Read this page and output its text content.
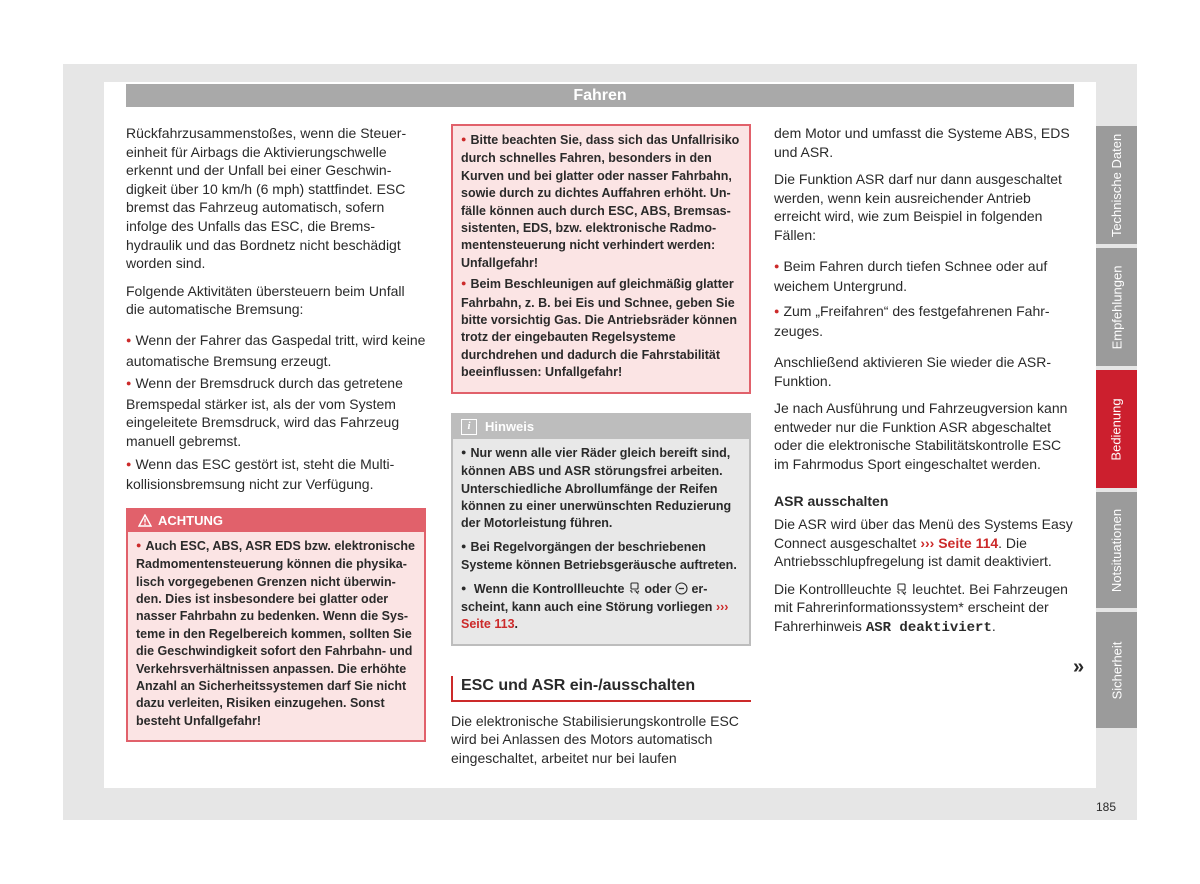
Fahren

Rückfahrzusammenstoßes, wenn die Steuereinheit für Airbags die Aktivierungschwelle erkennt und der Unfall bei einer Geschwindigkeit über 10 km/h (6 mph) stattfindet. ESC bremst das Fahrzeug automatisch, sofern infolge des Unfalls das ESC, die Bremshydraulik und das Bordnetz nicht beschädigt worden sind.

Folgende Aktivitäten übersteuern beim Unfall die automatische Bremsung:

● Wenn der Fahrer das Gaspedal tritt, wird keine automatische Bremsung erzeugt.
● Wenn der Bremsdruck durch das getretene Bremspedal stärker ist, als der vom System eingeleitete Bremsdruck, wird das Fahrzeug manuell gebremst.
● Wenn das ESC gestört ist, steht die Multikollisionsbremsung nicht zur Verfügung.
ACHTUNG
● Auch ESC, ABS, ASR EDS bzw. elektronische Radmomentensteuerung können die physikalisch vorgegebenen Grenzen nicht überwinden. Dies ist insbesondere bei glatter oder nasser Fahrbahn zu bedenken. Wenn die Systeme in den Regelbereich kommen, sollten Sie die Geschwindigkeit sofort den Fahrbahn- und Verkehrsverhältnissen anpassen. Die erhöhte Anzahl an Sicherheitssystemen darf Sie nicht dazu verleiten, Risiken einzugehen. Sonst besteht Unfallgefahr!
● Bitte beachten Sie, dass sich das Unfallrisiko durch schnelles Fahren, besonders in den Kurven und bei glatter oder nasser Fahrbahn, sowie durch zu dichtes Auffahren erhöht. Unfälle können auch durch ESC, ABS, Bremsassistenten, EDS, bzw. elektronische Radmomentensteuerung nicht verhindert werden: Unfallgefahr!
● Beim Beschleunigen auf gleichmäßig glatter Fahrbahn, z. B. bei Eis und Schnee, geben Sie bitte vorsichtig Gas. Die Antriebsräder können trotz der eingebauten Regelsysteme durchdrehen und dadurch die Fahrstabilität beeinflussen: Unfallgefahr!
i	Hinweis
● Nur wenn alle vier Räder gleich bereift sind, können ABS und ASR störungsfrei arbeiten. Unterschiedliche Abrollumfänge der Reifen können zu einer unerwünschten Reduzierung der Motorleistung führen.
● Bei Regelvorgängen der beschriebenen Systeme können Betriebsgeräusche auftreten.
● Wenn die Kontrollleuchte oder erscheint, kann auch eine Störung vorliegen ››› Seite 113.
ESC und ASR ein-/ausschalten

Die elektronische Stabilisierungskontrolle ESC wird bei Anlassen des Motors automatisch eingeschaltet, arbeitet nur bei laufen

dem Motor und umfasst die Systeme ABS, EDS und ASR.

Die Funktion ASR darf nur dann ausgeschaltet werden, wenn kein ausreichender Antrieb erreicht wird, wie zum Beispiel in folgenden Fällen:

● Beim Fahren durch tiefen Schnee oder auf weichem Untergrund.
● Zum „Freifahren“ des festgefahrenen Fahrzeuges.

Anschließend aktivieren Sie wieder die ASR-Funktion.

Je nach Ausführung und Fahrzeugversion kann entweder nur die Funktion ASR abgeschaltet oder die elektronische Stabilitätskontrolle ESC im Fahrmodus Sport eingeschaltet werden.

ASR ausschalten

Die ASR wird über das Menü des Systems Easy Connect ausgeschaltet ››› Seite 114. Die Antriebsschlupfregelung ist damit deaktiviert.

Die Kontrollleuchte leuchtet. Bei Fahrzeugen mit Fahrerinformationssystem* erscheint der Fahrerhinweis ASR deaktiviert.

»
Technische Daten
Empfehlungen
Bedienung
Notsituationen
Sicherheit
185
